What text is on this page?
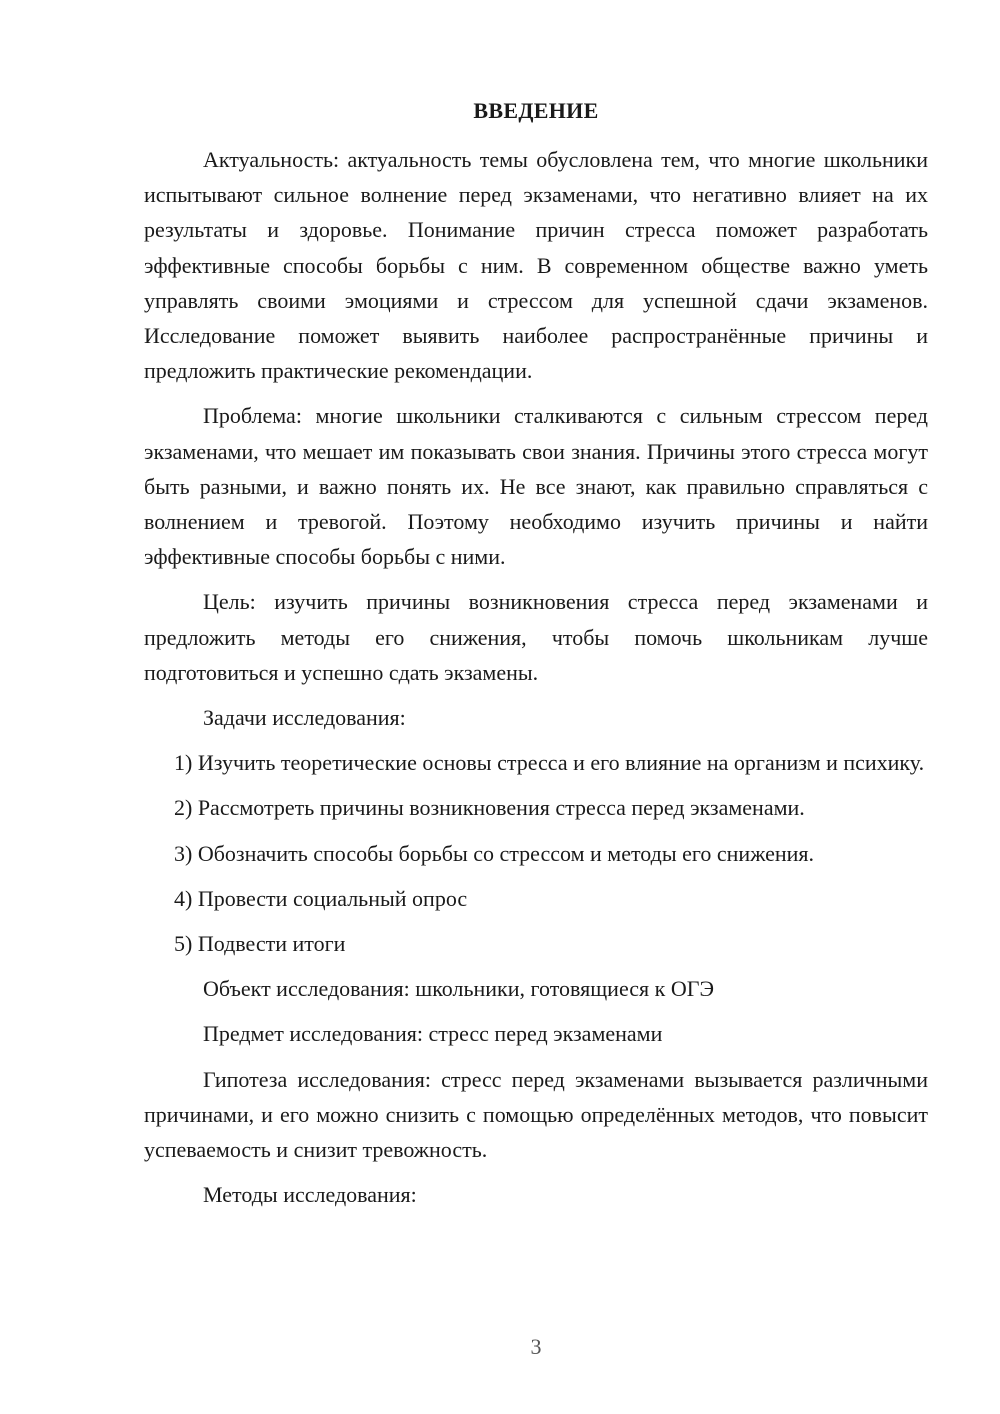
ВВЕДЕНИЕ

Актуальность: актуальность темы обусловлена тем, что многие школьники испытывают сильное волнение перед экзаменами, что негативно влияет на их результаты и здоровье. Понимание причин стресса поможет разработать эффективные способы борьбы с ним. В современном обществе важно уметь управлять своими эмоциями и стрессом для успешной сдачи экзаменов. Исследование поможет выявить наиболее распространённые причины и предложить практические рекомендации.

Проблема: многие школьники сталкиваются с сильным стрессом перед экзаменами, что мешает им показывать свои знания. Причины этого стресса могут быть разными, и важно понять их. Не все знают, как правильно справляться с волнением и тревогой. Поэтому необходимо изучить причины и найти эффективные способы борьбы с ними.

Цель: изучить причины возникновения стресса перед экзаменами и предложить методы его снижения, чтобы помочь школьникам лучше подготовиться и успешно сдать экзамены.

Задачи исследования:

1) Изучить теоретические основы стресса и его влияние на организм и психику.

2) Рассмотреть причины возникновения стресса перед экзаменами.

3) Обозначить способы борьбы со стрессом и методы его снижения.

4) Провести социальный опрос

5) Подвести итоги

Объект исследования: школьники, готовящиеся к ОГЭ

Предмет исследования: стресс перед экзаменами

Гипотеза исследования: стресс перед экзаменами вызывается различными причинами, и его можно снизить с помощью определённых методов, что повысит успеваемость и снизит тревожность.

Методы исследования:

3
